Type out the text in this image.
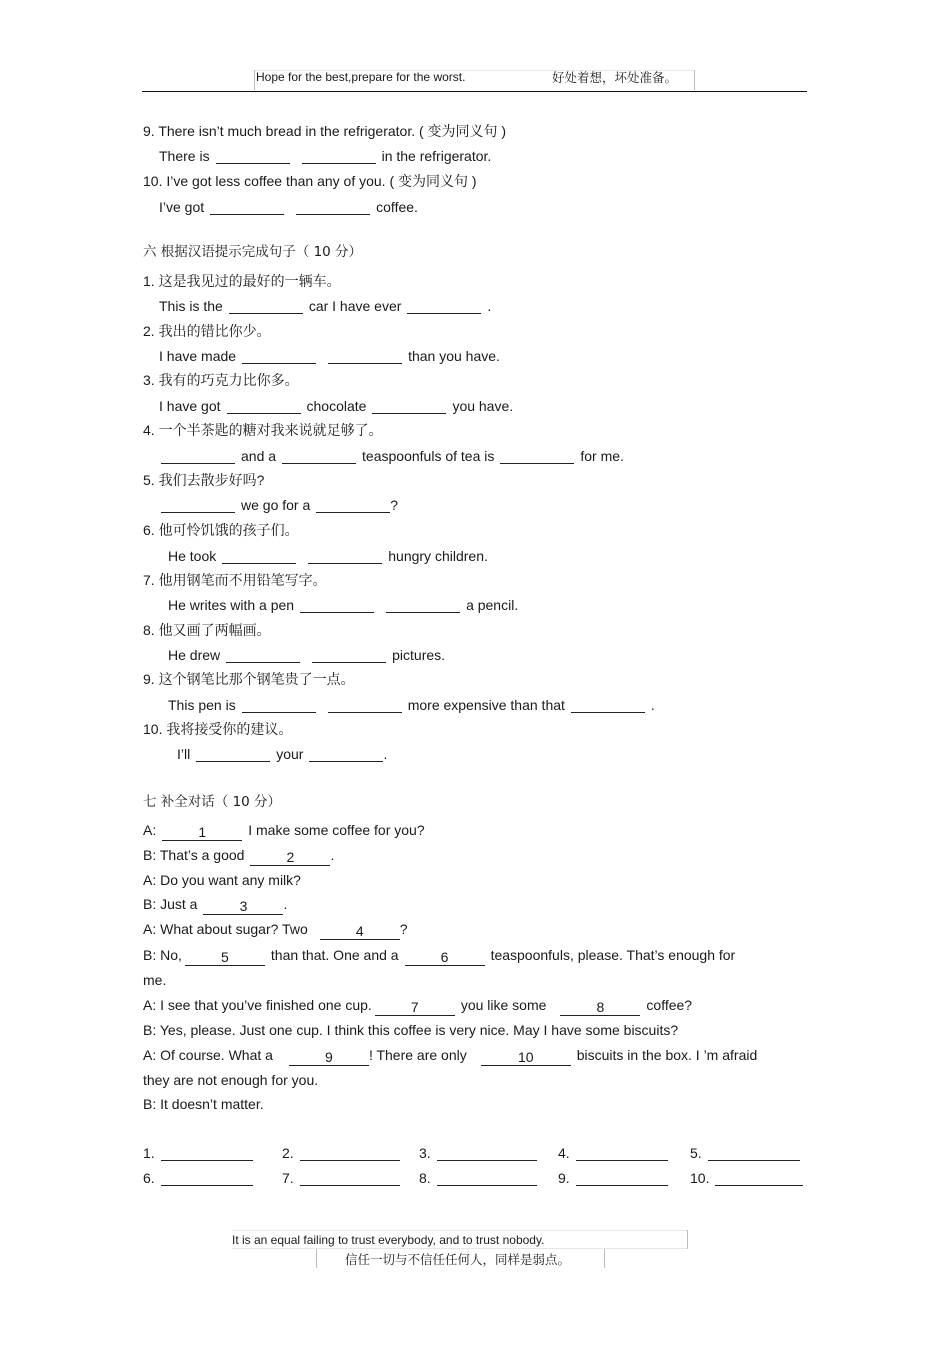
Hope for the best,prepare for the worst.	好处着想，坏处准备。
9. There isn’t much bread in the refrigerator. ( 变为同义句 )
There is	in the refrigerator.
10. I’ve got less coffee than any of you. ( 变为同义句 )
I’ve got	coffee.
六 根据汉语提示完成句子（ 10 分）
1. 这是我见过的最好的一辆车。
This is the	car I have ever	.
2. 我出的错比你少。
I have made	than you have.
3. 我有的巧克力比你多。
I have got	chocolate	you have.
4. 一个半茶匙的糖对我来说就足够了。
and a	teaspoonfuls of tea is	for me.
5. 我们去散步好吗?
we go for a	?
6. 他可怜饥饿的孩子们。
He took	hungry children.
7. 他用钢笔而不用铅笔写字。
He writes with a pen	a pencil.
8. 他又画了两幅画。
He drew	pictures.
9. 这个钢笔比那个钢笔贵了一点。
This pen is	more expensive than that	.
10. 我将接受你的建议。
I’ll	your	.
七 补全对话（ 10 分）
A:	1	I make some coffee for you?
B: That’s a good	2	.
A: Do you want any milk?
B: Just a	3	.
A: What about sugar? Two	4	?
B: No,	5	than that. One and a	6	teaspoonfuls, please. That’s enough for
me.
A: I see that you’ve finished one cup.	7	you like some	8	coffee?
B: Yes, please. Just one cup. I think this coffee is very nice. May I have some biscuits?
A: Of course. What a	9	! There are only	10	biscuits in the box. I ’m afraid
they are not enough for you.
B: It doesn’t matter.
1.	2.	3.	4.	5.
6.	7.	8.	9.	10.
It is an equal failing to trust everybody, and to trust nobody.
信任一切与不信任任何人，同样是弱点。
